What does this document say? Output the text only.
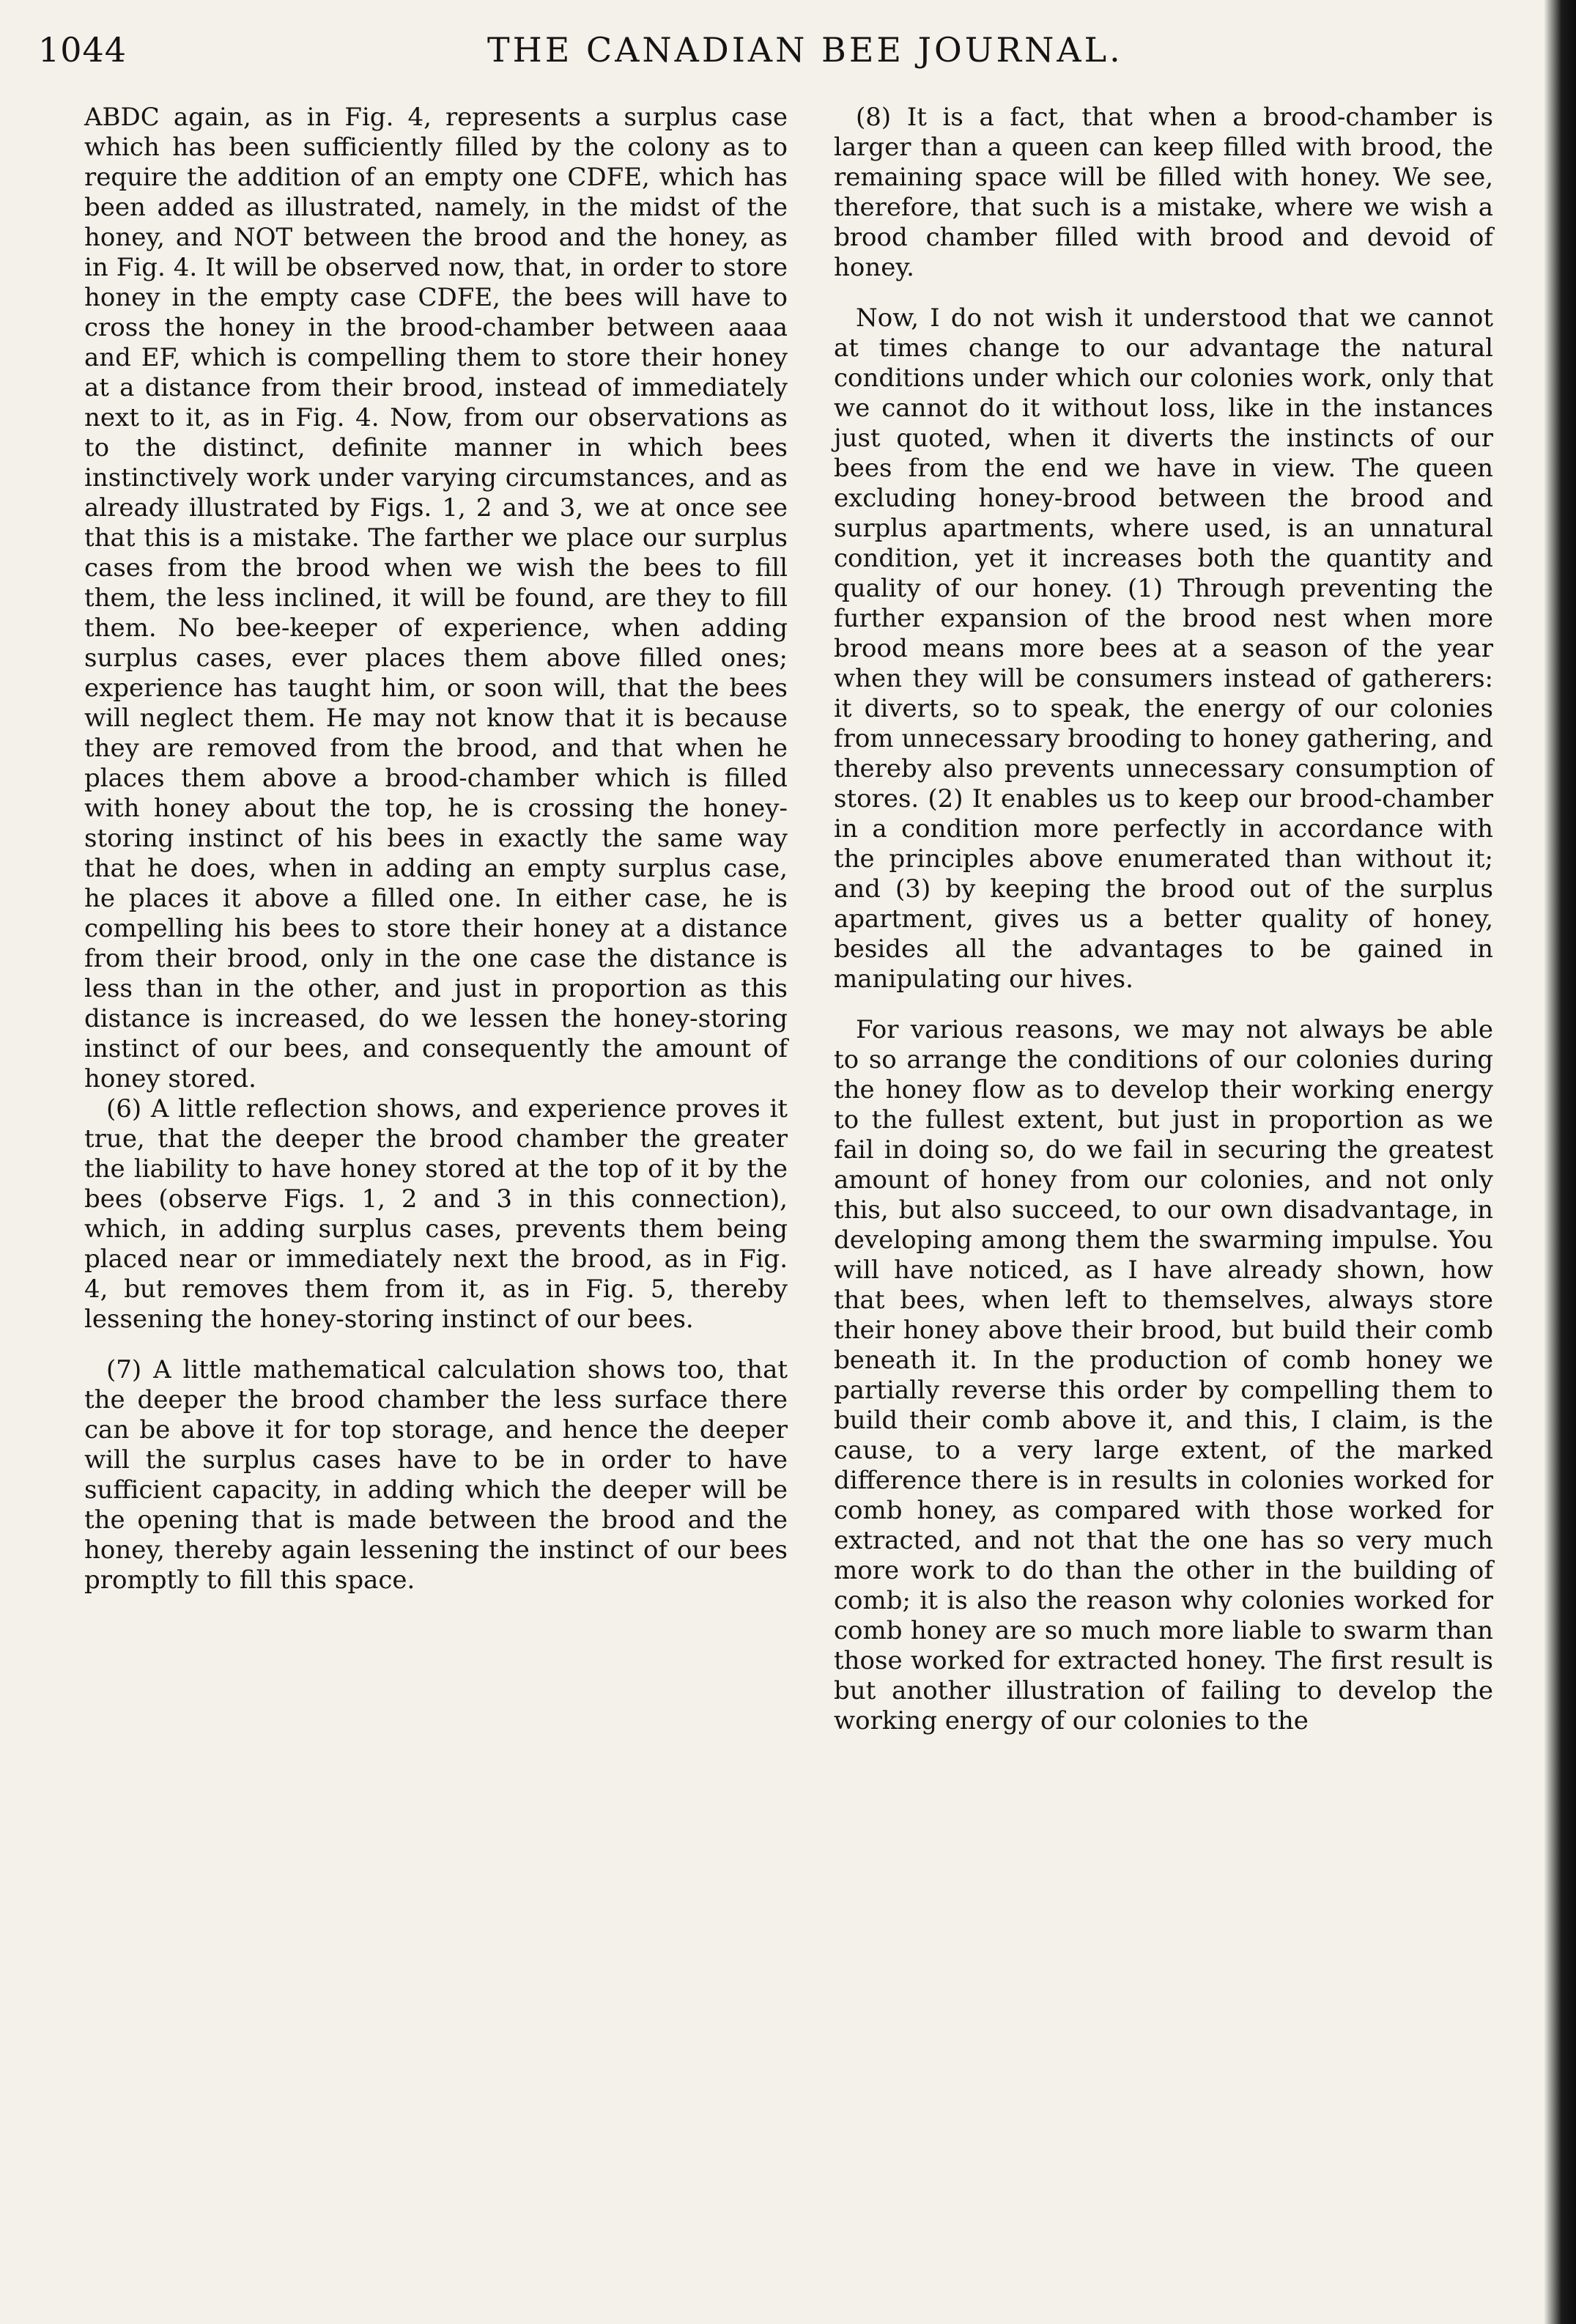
1044	THE CANADIAN BEE JOURNAL.

ABDC again, as in Fig. 4, represents a surplus case which has been sufficiently filled by the colony as to require the addition of an empty one CDFE, which has been added as illustrated, namely, in the midst of the honey, and NOT between the brood and the honey, as in Fig. 4. It will be observed now, that, in order to store honey in the empty case CDFE, the bees will have to cross the honey in the brood-chamber between aaaa and EF, which is compelling them to store their honey at a distance from their brood, instead of immediately next to it, as in Fig. 4. Now, from our observations as to the distinct, definite manner in which bees instinctively work under varying circumstances, and as already illustrated by Figs. 1, 2 and 3, we at once see that this is a mistake. The farther we place our surplus cases from the brood when we wish the bees to fill them, the less inclined, it will be found, are they to fill them. No bee-keeper of experience, when adding surplus cases, ever places them above filled ones; experience has taught him, or soon will, that the bees will neglect them. He may not know that it is because they are removed from the brood, and that when he places them above a brood-chamber which is filled with honey about the top, he is crossing the honey-storing instinct of his bees in exactly the same way that he does, when in adding an empty surplus case, he places it above a filled one. In either case, he is compelling his bees to store their honey at a distance from their brood, only in the one case the distance is less than in the other, and just in proportion as this distance is increased, do we lessen the honey-storing instinct of our bees, and consequently the amount of honey stored.

(6) A little reflection shows, and experience proves it true, that the deeper the brood chamber the greater the liability to have honey stored at the top of it by the bees (observe Figs. 1, 2 and 3 in this connection), which, in adding surplus cases, prevents them being placed near or immediately next the brood, as in Fig. 4, but removes them from it, as in Fig. 5, thereby lessening the honey-storing instinct of our bees.

(7) A little mathematical calculation shows too, that the deeper the brood chamber the less surface there can be above it for top storage, and hence the deeper will the surplus cases have to be in order to have sufficient capacity, in adding which the deeper will be the opening that is made between the brood and the honey, thereby again lessening the instinct of our bees promptly to fill this space.

(8) It is a fact, that when a brood-chamber is larger than a queen can keep filled with brood, the remaining space will be filled with honey. We see, therefore, that such is a mistake, where we wish a brood chamber filled with brood and devoid of honey.

Now, I do not wish it understood that we cannot at times change to our advantage the natural conditions under which our colonies work, only that we cannot do it without loss, like in the instances just quoted, when it diverts the instincts of our bees from the end we have in view. The queen excluding honey-brood between the brood and surplus apartments, where used, is an unnatural condition, yet it increases both the quantity and quality of our honey. (1) Through preventing the further expansion of the brood nest when more brood means more bees at a season of the year when they will be consumers instead of gatherers: it diverts, so to speak, the energy of our colonies from unnecessary brooding to honey gathering, and thereby also prevents unnecessary consumption of stores. (2) It enables us to keep our brood-chamber in a condition more perfectly in accordance with the principles above enumerated than without it; and (3) by keeping the brood out of the surplus apartment, gives us a better quality of honey, besides all the advantages to be gained in manipulating our hives.

For various reasons, we may not always be able to so arrange the conditions of our colonies during the honey flow as to develop their working energy to the fullest extent, but just in proportion as we fail in doing so, do we fail in securing the greatest amount of honey from our colonies, and not only this, but also succeed, to our own disadvantage, in developing among them the swarming impulse. You will have noticed, as I have already shown, how that bees, when left to themselves, always store their honey above their brood, but build their comb beneath it. In the production of comb honey we partially reverse this order by compelling them to build their comb above it, and this, I claim, is the cause, to a very large extent, of the marked difference there is in results in colonies worked for comb honey, as compared with those worked for extracted, and not that the one has so very much more work to do than the other in the building of comb; it is also the reason why colonies worked for comb honey are so much more liable to swarm than those worked for extracted honey. The first result is but another illustration of failing to develop the working energy of our colonies to the
